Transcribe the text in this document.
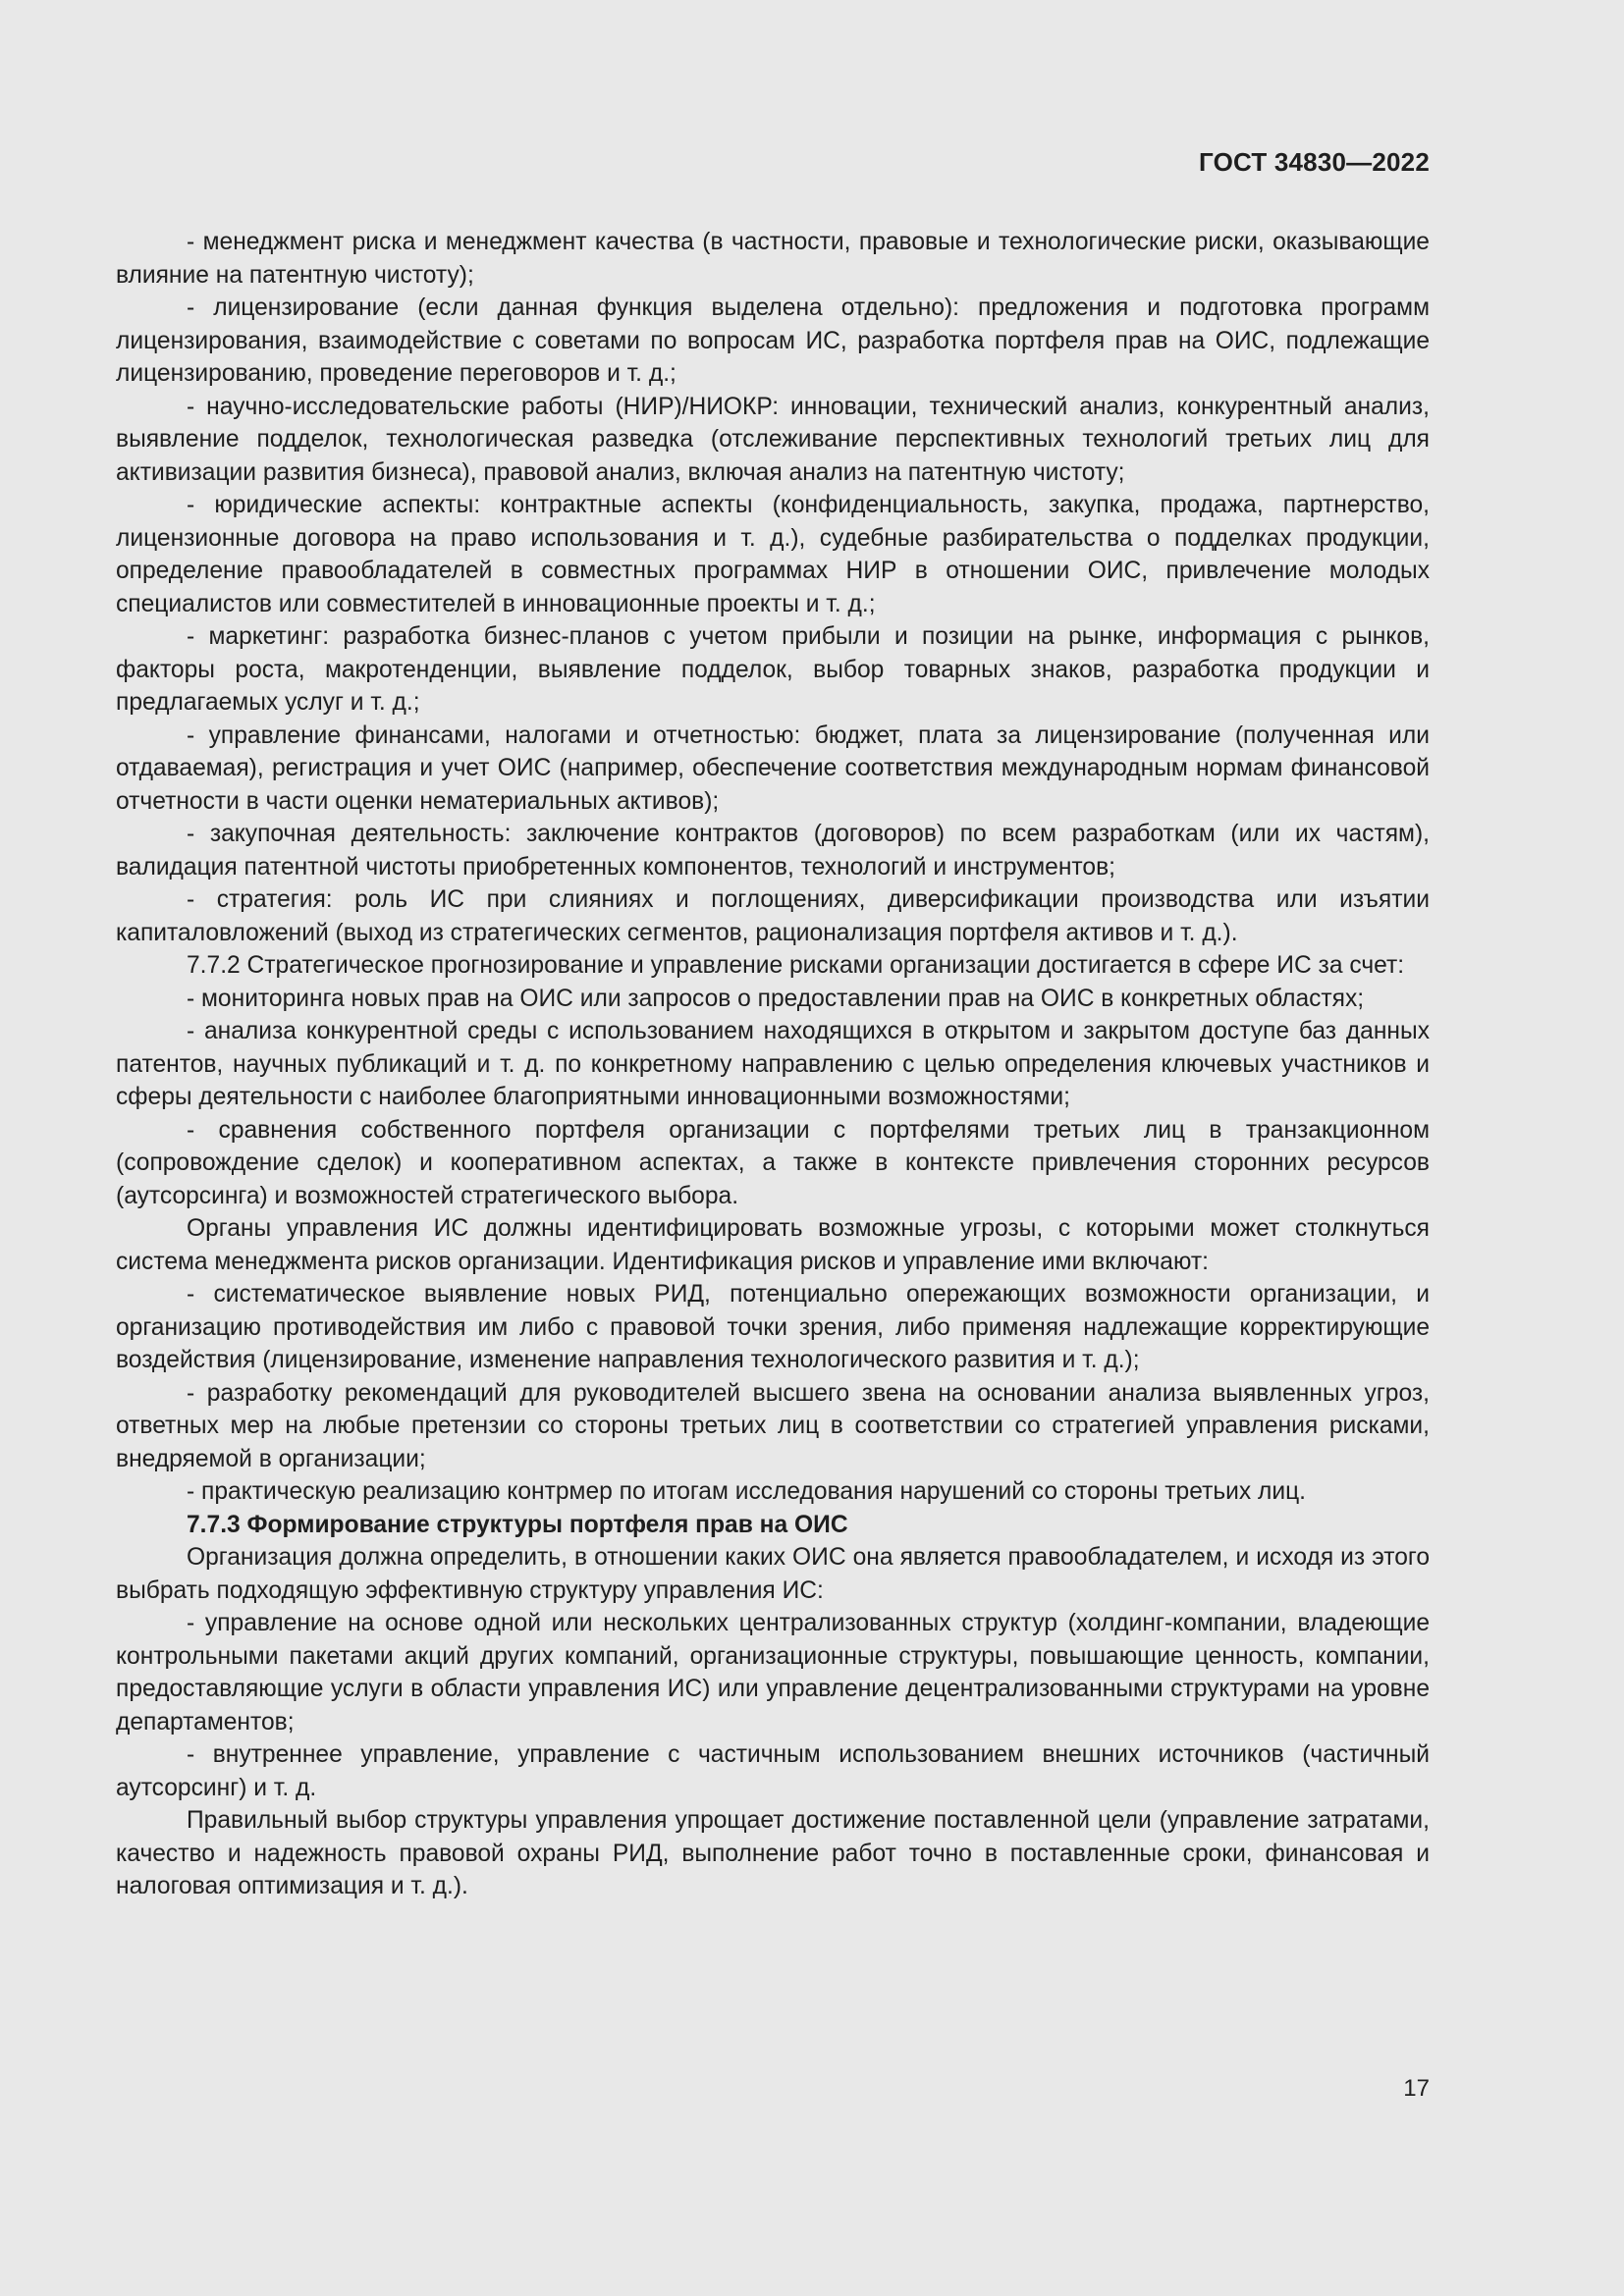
ГОСТ 34830—2022

- менеджмент риска и менеджмент качества (в частности, правовые и технологические риски, оказывающие влияние на патентную чистоту);

- лицензирование (если данная функция выделена отдельно): предложения и подготовка программ лицензирования, взаимодействие с советами по вопросам ИС, разработка портфеля прав на ОИС, подлежащие лицензированию, проведение переговоров и т. д.;

- научно-исследовательские работы (НИР)/НИОКР: инновации, технический анализ, конкурентный анализ, выявление подделок, технологическая разведка (отслеживание перспективных технологий третьих лиц для активизации развития бизнеса), правовой анализ, включая анализ на патентную чистоту;

- юридические аспекты: контрактные аспекты (конфиденциальность, закупка, продажа, партнерство, лицензионные договора на право использования и т. д.), судебные разбирательства о подделках продукции, определение правообладателей в совместных программах НИР в отношении ОИС, привлечение молодых специалистов или совместителей в инновационные проекты и т. д.;

- маркетинг: разработка бизнес-планов с учетом прибыли и позиции на рынке, информация с рынков, факторы роста, макротенденции, выявление подделок, выбор товарных знаков, разработка продукции и предлагаемых услуг и т. д.;

- управление финансами, налогами и отчетностью: бюджет, плата за лицензирование (полученная или отдаваемая), регистрация и учет ОИС (например, обеспечение соответствия международным нормам финансовой отчетности в части оценки нематериальных активов);

- закупочная деятельность: заключение контрактов (договоров) по всем разработкам (или их частям), валидация патентной чистоты приобретенных компонентов, технологий и инструментов;

- стратегия: роль ИС при слияниях и поглощениях, диверсификации производства или изъятии капиталовложений (выход из стратегических сегментов, рационализация портфеля активов и т. д.).

7.7.2 Стратегическое прогнозирование и управление рисками организации достигается в сфере ИС за счет:

- мониторинга новых прав на ОИС или запросов о предоставлении прав на ОИС в конкретных областях;

- анализа конкурентной среды с использованием находящихся в открытом и закрытом доступе баз данных патентов, научных публикаций и т. д. по конкретному направлению с целью определения ключевых участников и сферы деятельности с наиболее благоприятными инновационными возможностями;

- сравнения собственного портфеля организации с портфелями третьих лиц в транзакционном (сопровождение сделок) и кооперативном аспектах, а также в контексте привлечения сторонних ресурсов (аутсорсинга) и возможностей стратегического выбора.

Органы управления ИС должны идентифицировать возможные угрозы, с которыми может столкнуться система менеджмента рисков организации. Идентификация рисков и управление ими включают:

- систематическое выявление новых РИД, потенциально опережающих возможности организации, и организацию противодействия им либо с правовой точки зрения, либо применяя надлежащие корректирующие воздействия (лицензирование, изменение направления технологического развития и т. д.);

- разработку рекомендаций для руководителей высшего звена на основании анализа выявленных угроз, ответных мер на любые претензии со стороны третьих лиц в соответствии со стратегией управления рисками, внедряемой в организации;

- практическую реализацию контрмер по итогам исследования нарушений со стороны третьих лиц.

7.7.3 Формирование структуры портфеля прав на ОИС

Организация должна определить, в отношении каких ОИС она является правообладателем, и исходя из этого выбрать подходящую эффективную структуру управления ИС:

- управление на основе одной или нескольких централизованных структур (холдинг-компании, владеющие контрольными пакетами акций других компаний, организационные структуры, повышающие ценность, компании, предоставляющие услуги в области управления ИС) или управление децентрализованными структурами на уровне департаментов;

- внутреннее управление, управление с частичным использованием внешних источников (частичный аутсорсинг) и т. д.

Правильный выбор структуры управления упрощает достижение поставленной цели (управление затратами, качество и надежность правовой охраны РИД, выполнение работ точно в поставленные сроки, финансовая и налоговая оптимизация и т. д.).

17
